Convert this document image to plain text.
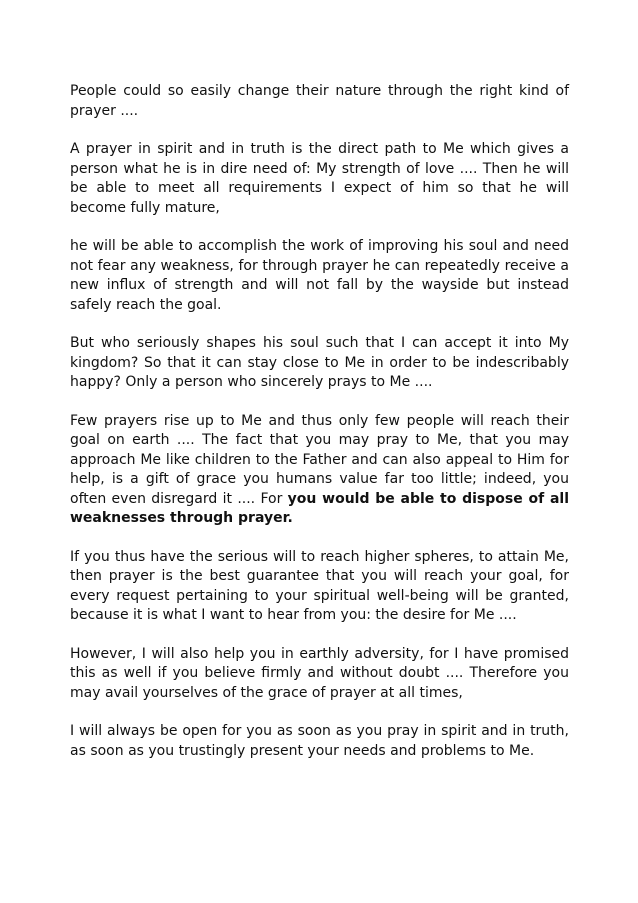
People could so easily change their nature through the right kind of prayer ....

A prayer in spirit and in truth is the direct path to Me which gives a person what he is in dire need of: My strength of love .... Then he will be able to meet all requirements I expect of him so that he will become fully mature,

he will be able to accomplish the work of improving his soul and need not fear any weakness, for through prayer he can repeatedly receive a new influx of strength and will not fall by the wayside but instead safely reach the goal.

But who seriously shapes his soul such that I can accept it into My kingdom? So that it can stay close to Me in order to be indescribably happy? Only a person who sincerely prays to Me ....

Few prayers rise up to Me and thus only few people will reach their goal on earth .... The fact that you may pray to Me, that you may approach Me like children to the Father and can also appeal to Him for help, is a gift of grace you humans value far too little; indeed, you often even disregard it .... For you would be able to dispose of all weaknesses through prayer.

If you thus have the serious will to reach higher spheres, to attain Me, then prayer is the best guarantee that you will reach your goal, for every request pertaining to your spiritual well-being will be granted, because it is what I want to hear from you: the desire for Me ....

However, I will also help you in earthly adversity, for I have promised this as well if you believe firmly and without doubt .... Therefore you may avail yourselves of the grace of prayer at all times,

I will always be open for you as soon as you pray in spirit and in truth, as soon as you trustingly present your needs and problems to Me.
